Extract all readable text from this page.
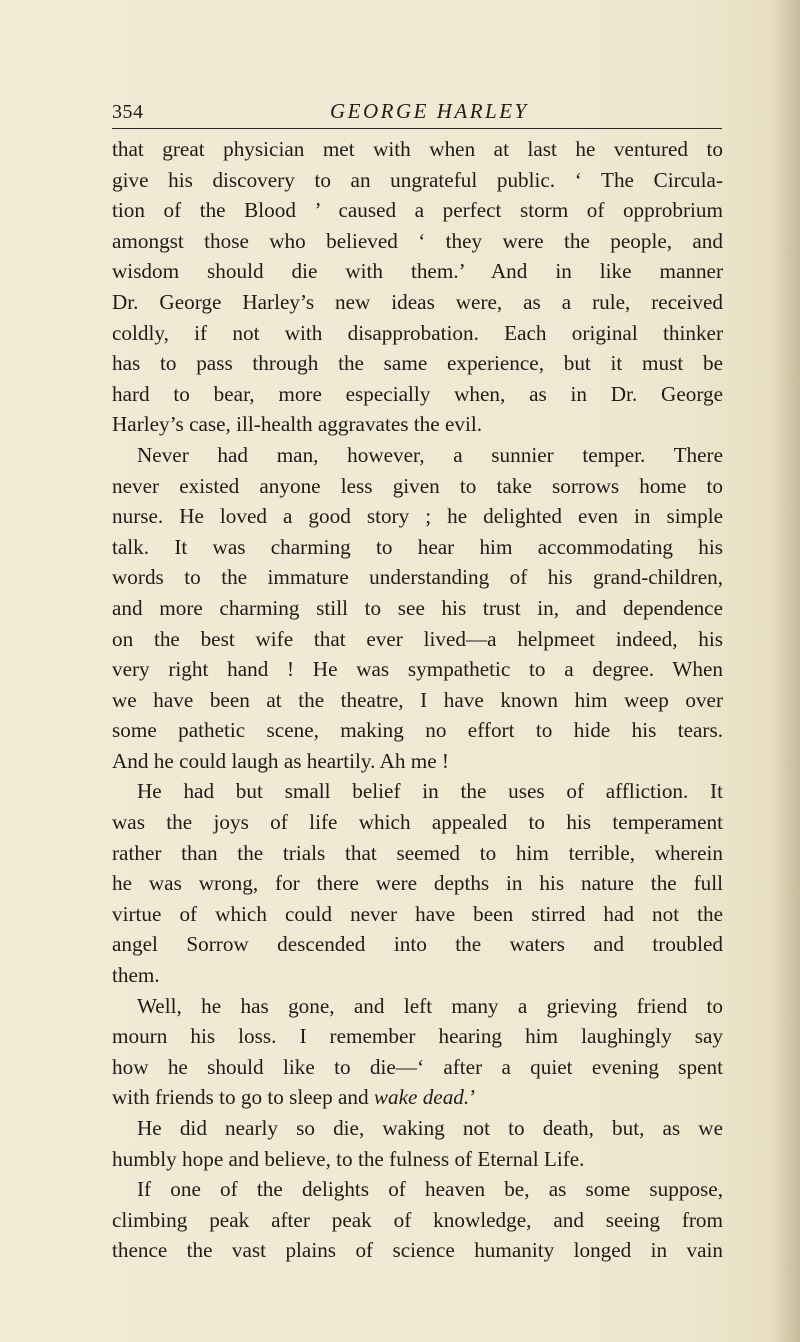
354	GEORGE HARLEY
that great physician met with when at last he ventured to
give his discovery to an ungrateful public. ‘ The Circula-
tion of the Blood ’ caused a perfect storm of opprobrium
amongst those who believed ‘ they were the people, and
wisdom should die with them.’ And in like manner
Dr. George Harley’s new ideas were, as a rule, received
coldly, if not with disapprobation. Each original thinker
has to pass through the same experience, but it must be
hard to bear, more especially when, as in Dr. George
Harley’s case, ill-health aggravates the evil.
Never had man, however, a sunnier temper. There
never existed anyone less given to take sorrows home to
nurse. He loved a good story ; he delighted even in simple
talk. It was charming to hear him accommodating his
words to the immature understanding of his grand-children,
and more charming still to see his trust in, and dependence
on the best wife that ever lived—a helpmeet indeed, his
very right hand ! He was sympathetic to a degree. When
we have been at the theatre, I have known him weep over
some pathetic scene, making no effort to hide his tears.
And he could laugh as heartily. Ah me !
He had but small belief in the uses of affliction. It
was the joys of life which appealed to his temperament
rather than the trials that seemed to him terrible, wherein
he was wrong, for there were depths in his nature the full
virtue of which could never have been stirred had not the
angel Sorrow descended into the waters and troubled
them.
Well, he has gone, and left many a grieving friend to
mourn his loss. I remember hearing him laughingly say
how he should like to die—‘ after a quiet evening spent
with friends to go to sleep and wake dead.’
He did nearly so die, waking not to death, but, as we
humbly hope and believe, to the fulness of Eternal Life.
If one of the delights of heaven be, as some suppose,
climbing peak after peak of knowledge, and seeing from
thence the vast plains of science humanity longed in vain
